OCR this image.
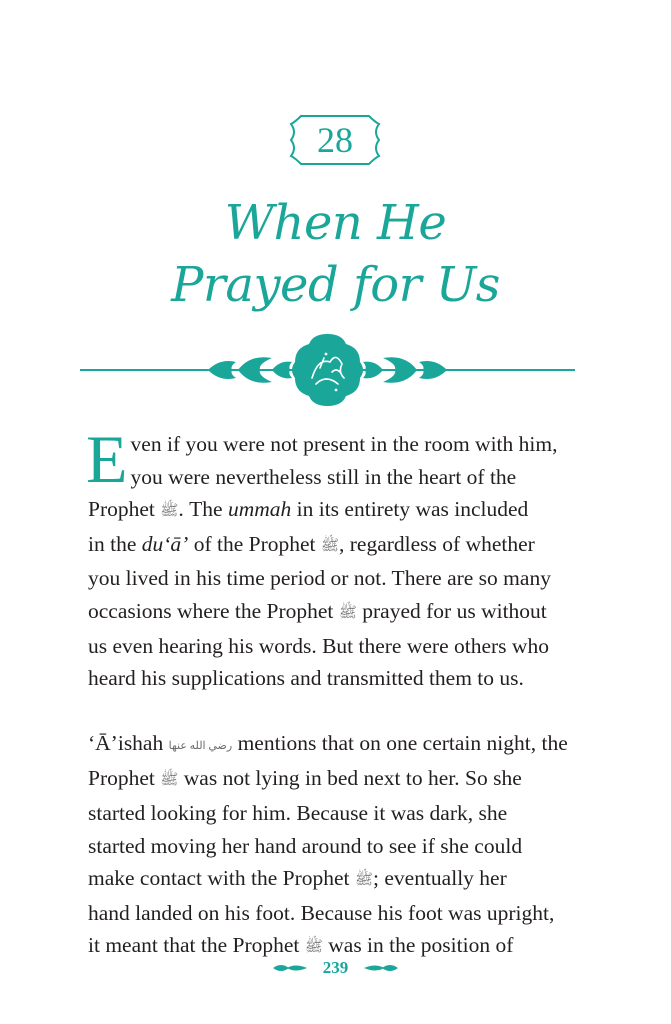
28
When He
Prayed for Us
E ven if you were not present in the room with him,
you were nevertheless still in the heart of the
Prophet ﷺ. The ummah in its entirety was included
in the du‘ā’ of the Prophet ﷺ, regardless of whether
you lived in his time period or not. There are so many
occasions where the Prophet ﷺ prayed for us without
us even hearing his words. But there were others who
heard his supplications and transmitted them to us.
‘Ā’ishah رضي الله عنها mentions that on one certain night, the
Prophet ﷺ was not lying in bed next to her. So she
started looking for him. Because it was dark, she
started moving her hand around to see if she could
make contact with the Prophet ﷺ; eventually her
hand landed on his foot. Because his foot was upright,
it meant that the Prophet ﷺ was in the position of
239
